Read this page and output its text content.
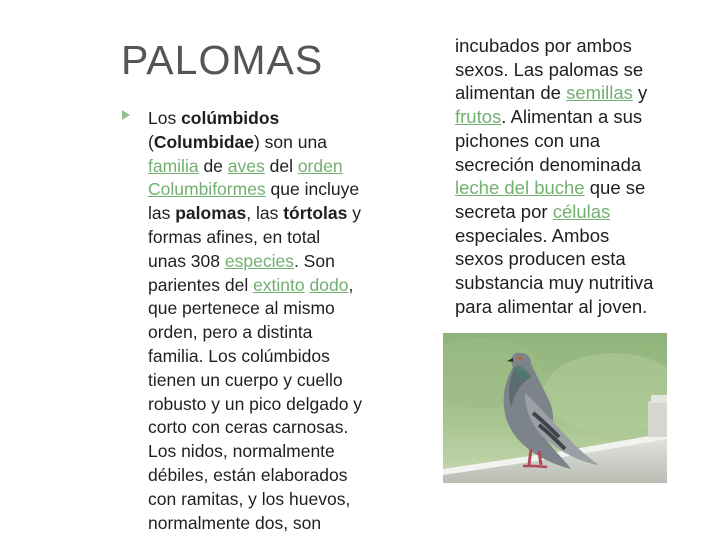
PALOMAS
Los colúmbidos
(Columbidae) son una
familia de aves del orden
Columbiformes que incluye
las palomas, las tórtolas y
formas afines, en total
unas 308 especies. Son
parientes del extinto dodo,
que pertenece al mismo
orden, pero a distinta
familia. Los colúmbidos
tienen un cuerpo y cuello
robusto y un pico delgado y
corto con ceras carnosas.
Los nidos, normalmente
débiles, están elaborados
con ramitas, y los huevos,
normalmente dos, son
incubados por ambos
sexos. Las palomas se
alimentan de semillas y
frutos. Alimentan a sus
pichones con una
secreción denominada
leche del buche que se
secreta por células
especiales. Ambos
sexos producen esta
substancia muy nutritiva
para alimentar al joven.
